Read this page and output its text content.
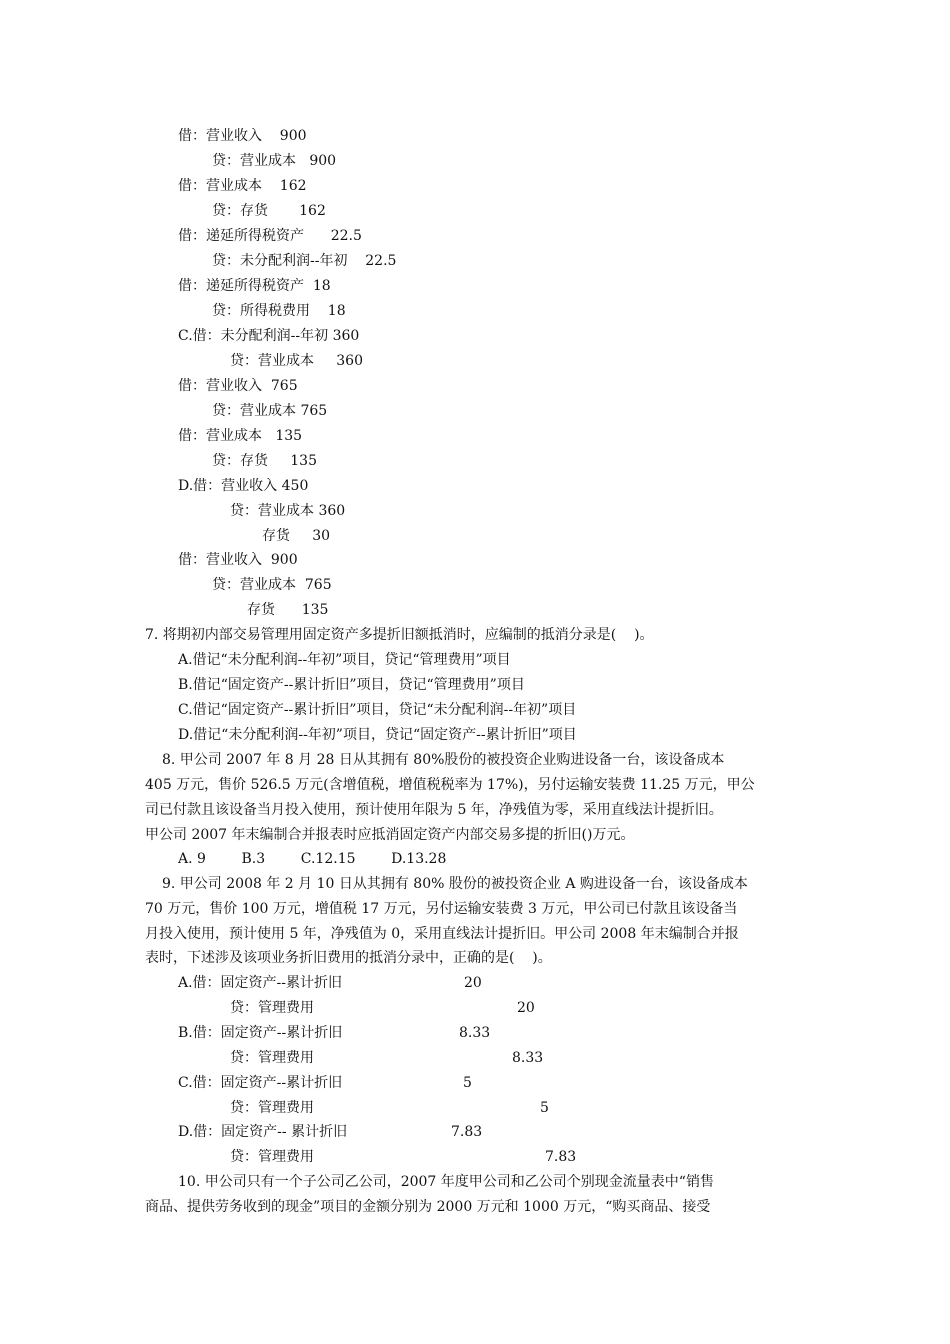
借：营业收入    900
贷：营业成本   900
借：营业成本    162
贷：存货       162
借：递延所得税资产      22.5
贷：未分配利润--年初    22.5
借：递延所得税资产  18
贷：所得税费用    18
C.借：未分配利润--年初 360
贷：营业成本     360
借：营业收入  765
贷：营业成本 765
借：营业成本   135
贷：存货     135
D.借：营业收入 450
贷：营业成本 360
存货     30
借：营业收入  900
贷：营业成本  765
存货      135
7. 将期初内部交易管理用固定资产多提折旧额抵消时，应编制的抵消分录是(    )。
A.借记“未分配利润--年初”项目，贷记“管理费用”项目
B.借记“固定资产--累计折旧”项目，贷记“管理费用”项目
C.借记“固定资产--累计折旧”项目，贷记“未分配利润--年初”项目
D.借记“未分配利润--年初”项目，贷记“固定资产--累计折旧”项目
8. 甲公司 2007 年 8 月 28 日从其拥有 80%股份的被投资企业购进设备一台，该设备成本
405 万元，售价 526.5 万元(含增值税，增值税税率为 17%)，另付运输安装费 11.25 万元，甲公
司已付款且该设备当月投入使用，预计使用年限为 5 年，净残值为零，采用直线法计提折旧。
甲公司 2007 年末编制合并报表时应抵消固定资产内部交易多提的折旧()万元。
A. 9        B.3        C.12.15        D.13.28
9. 甲公司 2008 年 2 月 10 日从其拥有 80% 股份的被投资企业 A 购进设备一台，该设备成本
70 万元，售价 100 万元，增值税 17 万元，另付运输安装费 3 万元，甲公司已付款且该设备当
月投入使用，预计使用 5 年，净残值为 0，采用直线法计提折旧。甲公司 2008 年末编制合并报
表时，下述涉及该项业务折旧费用的抵消分录中，正确的是(    )。
A.借：固定资产--累计折旧	20
贷：管理费用	20
B.借：固定资产--累计折旧	8.33
贷：管理费用	8.33
C.借：固定资产--累计折旧	5
贷：管理费用	5
D.借：固定资产-- 累计折旧	7.83
贷：管理费用	7.83
10. 甲公司只有一个子公司乙公司，2007 年度甲公司和乙公司个别现金流量表中“销售
商品、提供劳务收到的现金”项目的金额分别为 2000 万元和 1000 万元，“购买商品、接受
